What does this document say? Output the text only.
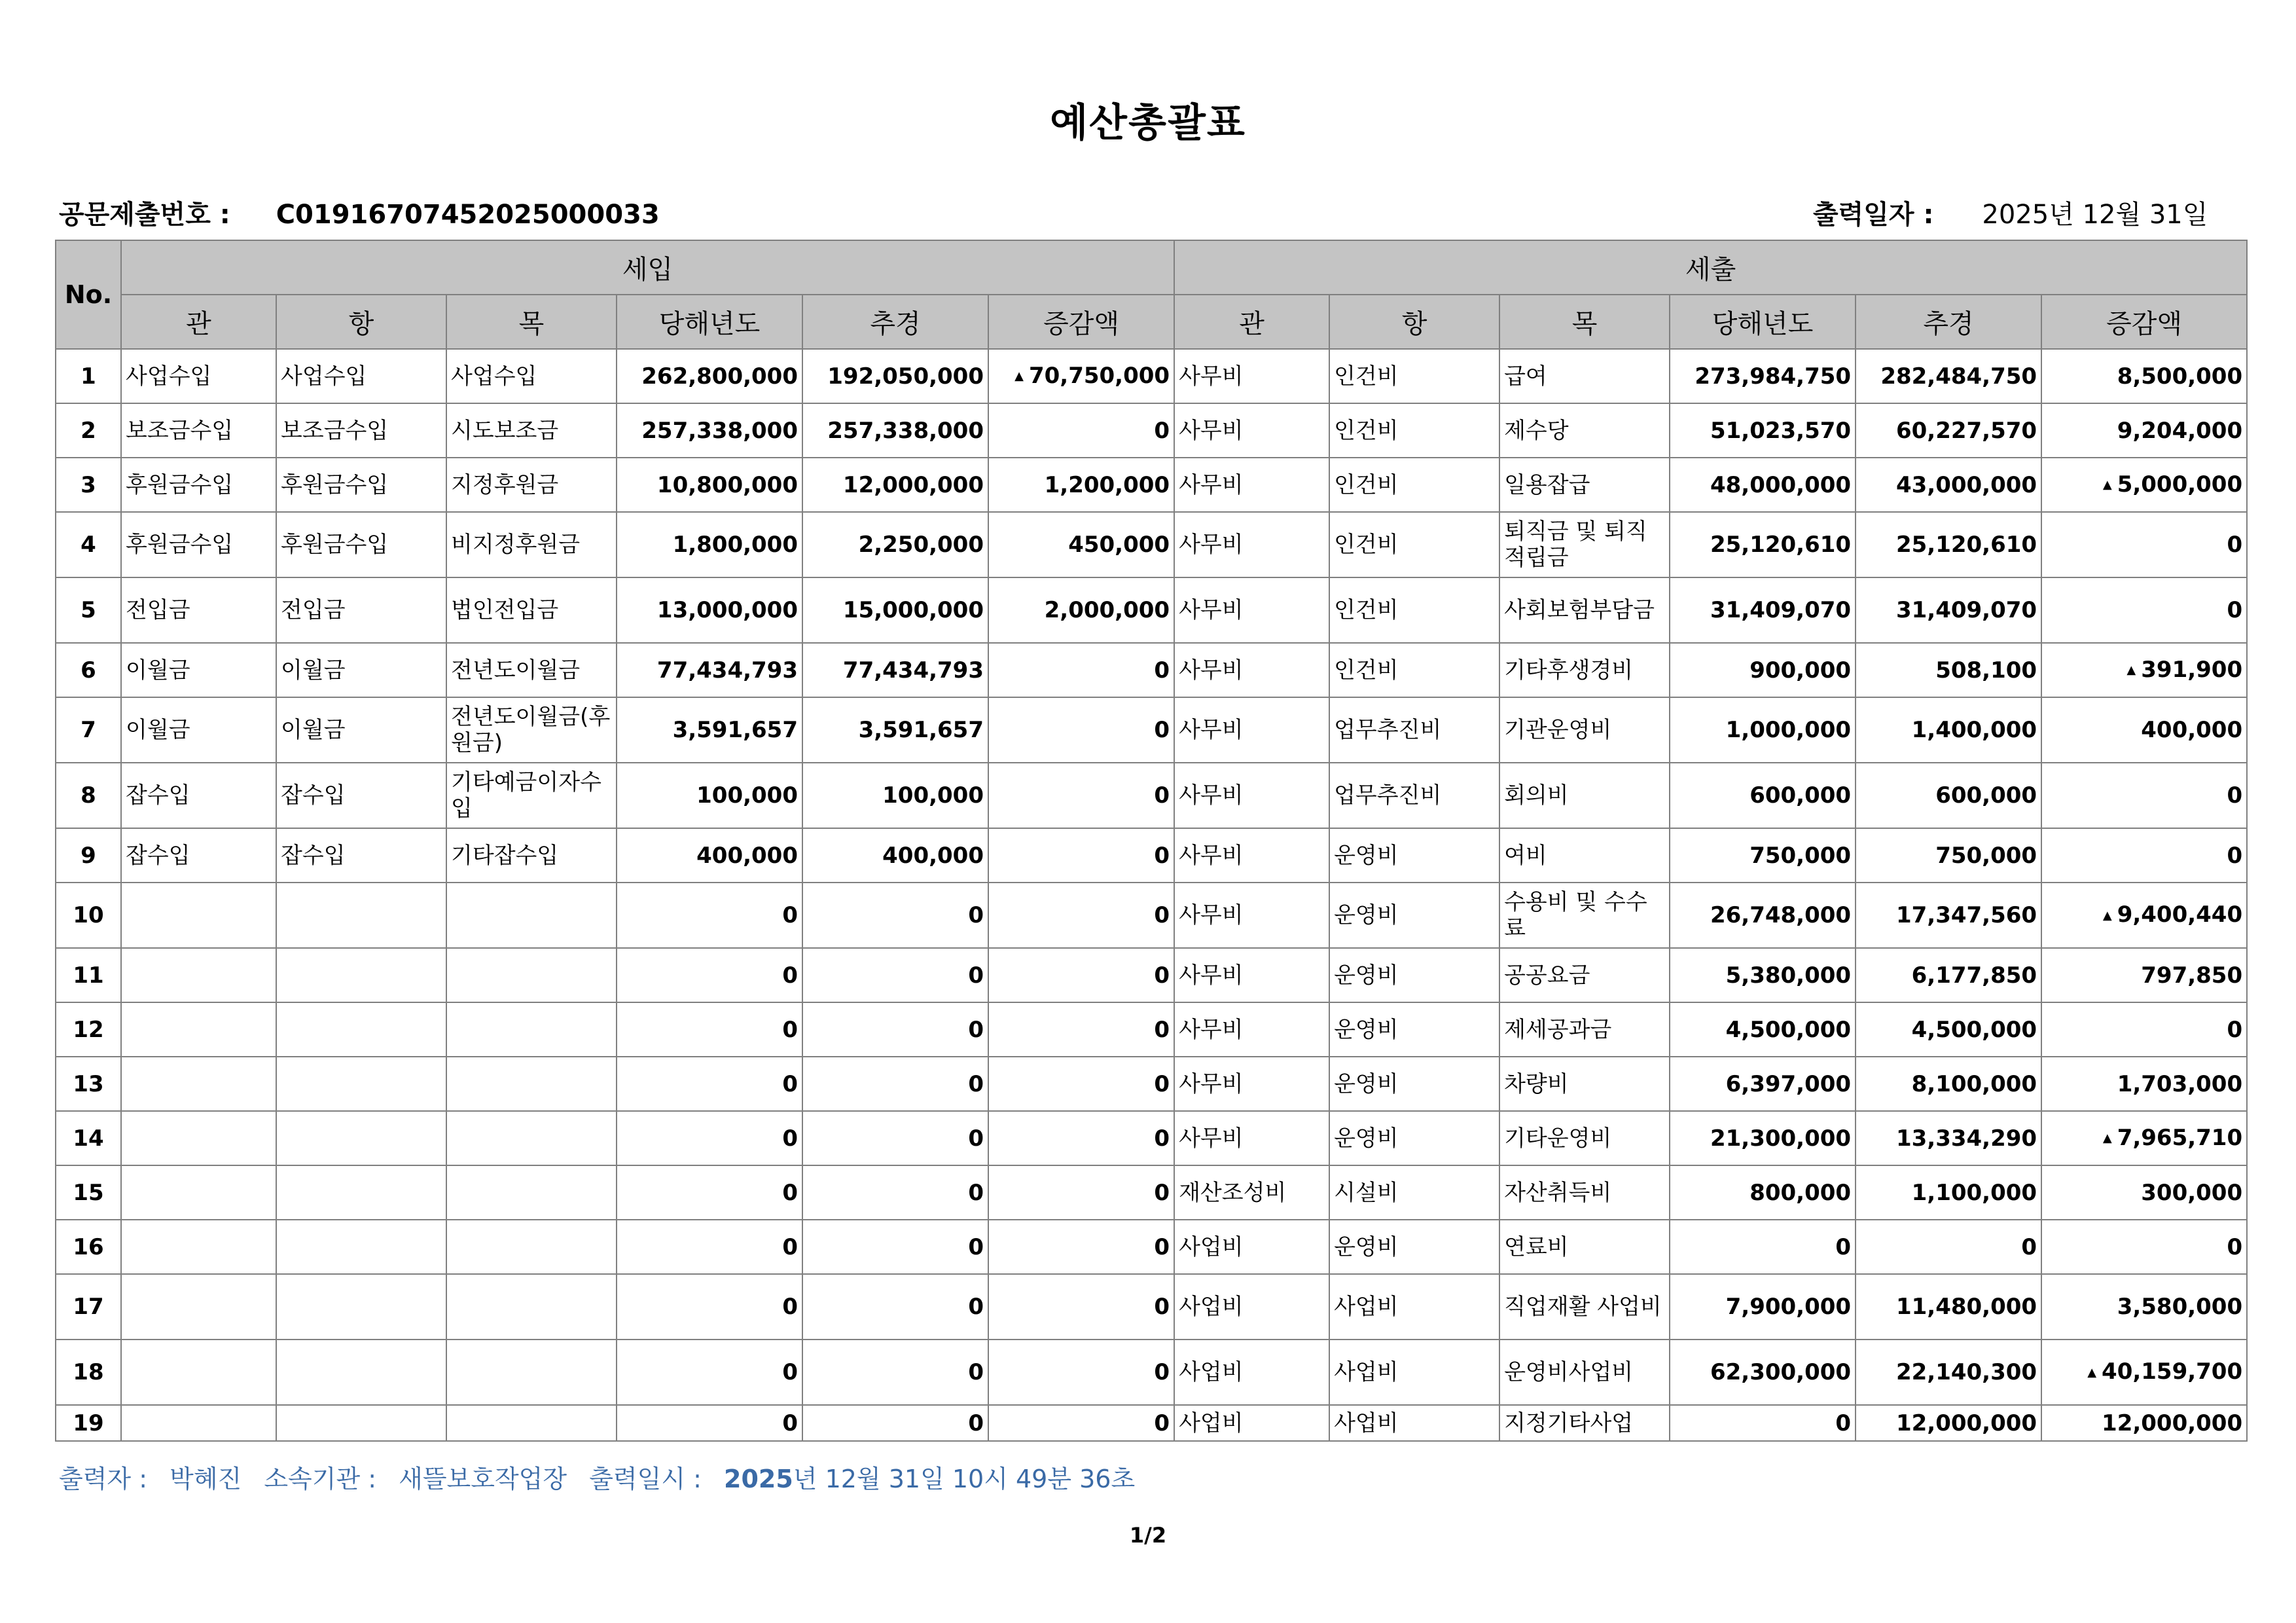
예산총괄표
공문제출번호 : C01916707452025000033	출력일자 : 2025년 12월 31일
No.	세입						세출					
	관	항	목	당해년도	추경	증감액	관	항	목	당해년도	추경	증감액
1	사업수입	사업수입	사업수입	262,800,000	192,050,000	▲ 70,750,000	사무비	인건비	급여	273,984,750	282,484,750	8,500,000
2	보조금수입	보조금수입	시도보조금	257,338,000	257,338,000	0	사무비	인건비	제수당	51,023,570	60,227,570	9,204,000
3	후원금수입	후원금수입	지정후원금	10,800,000	12,000,000	1,200,000	사무비	인건비	일용잡급	48,000,000	43,000,000	▲ 5,000,000
4	후원금수입	후원금수입	비지정후원금	1,800,000	2,250,000	450,000	사무비	인건비	퇴직금 및 퇴직적립금	25,120,610	25,120,610	0
5	전입금	전입금	법인전입금	13,000,000	15,000,000	2,000,000	사무비	인건비	사회보험부담금	31,409,070	31,409,070	0
6	이월금	이월금	전년도이월금	77,434,793	77,434,793	0	사무비	인건비	기타후생경비	900,000	508,100	▲ 391,900
7	이월금	이월금	전년도이월금(후원금)	3,591,657	3,591,657	0	사무비	업무추진비	기관운영비	1,000,000	1,400,000	400,000
8	잡수입	잡수입	기타예금이자수입	100,000	100,000	0	사무비	업무추진비	회의비	600,000	600,000	0
9	잡수입	잡수입	기타잡수입	400,000	400,000	0	사무비	운영비	여비	750,000	750,000	0
10				0	0	0	사무비	운영비	수용비 및 수수료	26,748,000	17,347,560	▲ 9,400,440
11				0	0	0	사무비	운영비	공공요금	5,380,000	6,177,850	797,850
12				0	0	0	사무비	운영비	제세공과금	4,500,000	4,500,000	0
13				0	0	0	사무비	운영비	차량비	6,397,000	8,100,000	1,703,000
14				0	0	0	사무비	운영비	기타운영비	21,300,000	13,334,290	▲ 7,965,710
15				0	0	0	재산조성비	시설비	자산취득비	800,000	1,100,000	300,000
16				0	0	0	사업비	운영비	연료비	0	0	0
17				0	0	0	사업비	사업비	직업재활 사업비	7,900,000	11,480,000	3,580,000
18				0	0	0	사업비	사업비	운영비사업비	62,300,000	22,140,300	▲ 40,159,700
19				0	0	0	사업비	사업비	지정기타사업	0	12,000,000	12,000,000
출력자 : 박혜진 소속기관 : 새뜰보호작업장 출력일시 : 2025년 12월 31일 10시 49분 36초
1/2
